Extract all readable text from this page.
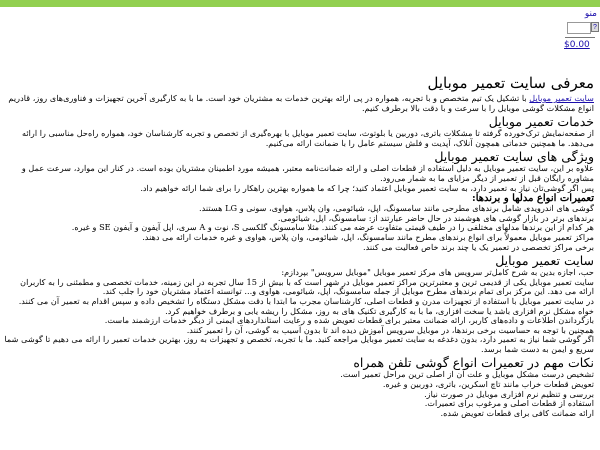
منو
?
$0.00
معرفی سایت تعمیر موبایل

سایت تعمیر موبایل با تشکیل یک تیم متخصص و با تجربه، همواره در پی ارائه بهترین خدمات به مشتریان خود است. ما با به کارگیری آخرین تجهیزات و فناوری‌های روز، قادریم انواع مشکلات گوشی موبایل را با سرعت و با دقت بالا برطرف کنیم.

خدمات تعمیر موبایل

از صفحه‌نمایش ترک‌خورده گرفته تا مشکلات باتری، دوربین یا بلوتوث، سایت تعمیر موبایل با بهره‌گیری از تخصص و تجربه کارشناسان خود، همواره راه‌حل مناسبی را ارائه می‌دهد. ما همچنین خدماتی همچون آنلاک، آپدیت و فلش سیستم عامل را با ضمانت ارائه می‌کنیم.

ویژگی های سایت تعمیر موبایل

علاوه بر این، سایت تعمیر موبایل به دلیل استفاده از قطعات اصلی و ارائه ضمانت‌نامه معتبر، همیشه مورد اطمینان مشتریان بوده است. در کنار این موارد، سرعت عمل و مشاوره رایگان قبل از تعمیر از دیگر مزایای ما به شمار می‌رود.

پس اگر گوشی‌تان نیاز به تعمیر دارد، به سایت تعمیر موبایل اعتماد کنید؛ چرا که ما همواره بهترین راهکار را برای شما ارائه خواهیم داد.

تعمیرات انواع مدلها و برندها:

گوشی های اندرویدی شامل برندهای مطرحی مانند سامسونگ، اپل، شیائومی، وان پلاس، هواوی، سونی و LG هستند.

برندهای برتر در بازار گوشی های هوشمند در حال حاضر عبارتند از: سامسونگ، اپل، شیائومی.

هر کدام از این برندها مدلهای مختلفی را در طیف قیمتی متفاوت عرضه می کنند. مثلا سامسونگ گلکسی S، نوت و A سری، اپل آیفون و آیفون SE و غیره.

مراکز تعمیر موبایل معمولاً برای انواع برندهای مطرح مانند سامسونگ، اپل، شیائومی، وان پلاس، هواوی و غیره خدمات ارائه می دهند.

برخی مراکز تخصصی در تعمیر یک یا چند برند خاص فعالیت می کنند.

سایت تعمیر موبایل

حب، اجازه بدین به شرح کامل‌تر سرویس های مرکز تعمیر موبایل "موبایل سرویس" بپردازم:

سایت تعمیر موبایل یکی از قدیمی ترین و معتبرترین مراکز تعمیر موبایل در شهر است که با بیش از 15 سال تجربه در این زمینه، خدمات تخصصی و مطمئنی را به کاربران ارائه می دهد. این مرکز برای تمام برندهای مطرح موبایل از جمله سامسونگ، اپل، شیائومی، هواوی و... توانسته اعتماد مشتریان خود را جلب کند.

در سایت تعمیر موبایل با استفاده از تجهیزات مدرن و قطعات اصلی، کارشناسان مجرب ما ابتدا با دقت مشکل دستگاه را تشخیص داده و سپس اقدام به تعمیر آن می کنند. خواه مشکل نرم افزاری باشد یا سخت افزاری، ما با به کارگیری تکنیک های به روز، مشکل را ریشه یابی و برطرف خواهیم کرد.

بازگرداندن اطلاعات و داده‌های کاربر، ارائه ضمانت معتبر برای قطعات تعویض شده و رعایت استانداردهای ایمنی از دیگر خدمات ارزشمند ماست.

همچنین با توجه به حساسیت برخی برندها، در موبایل سرویس آموزش دیده اند تا بدون آسیب به گوشی، آن را تعمیر کنند.

اگر گوشی شما نیاز به تعمیر دارد، بدون دغدغه به سایت تعمیر موبایل مراجعه کنید. ما با تجربه، تخصص و تجهیزات به روز، بهترین خدمات تعمیر را ارائه می دهیم تا گوشی شما سریع و ایمن به دست شما برسد.

نکات مهم در تعمیرات انواع گوشی تلفن همراه

تشخیص درست مشکل موبایل و علت آن از اصلی ترین مراحل تعمیر است.

تعویض قطعات خراب مانند تاچ اسکرین، باتری، دوربین و غیره.

بررسی و تنظیم نرم افزاری موبایل در صورت نیاز.

استفاده از قطعات اصلی و مرغوب برای تعمیرات.

ارائه ضمانت کافی برای قطعات تعویض شده.
